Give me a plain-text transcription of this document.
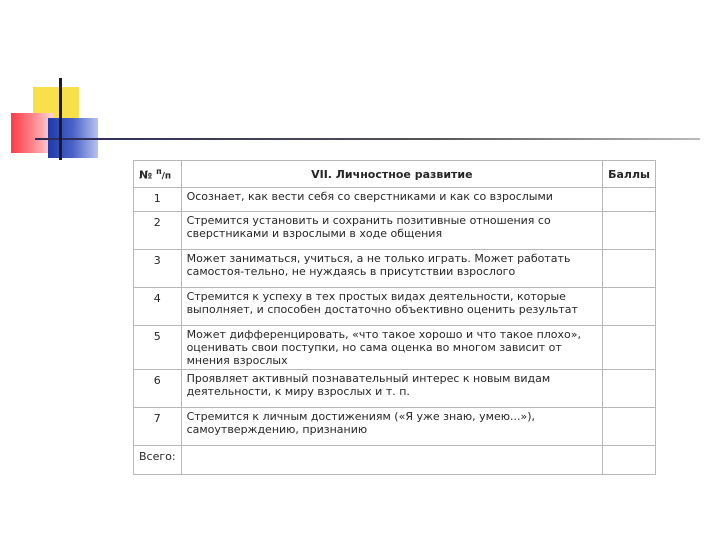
№ $^п$/п	VII. Личностное развитие	Баллы
1	Осознает, как вести себя со сверстниками и как со взрослыми	
2	Стремится установить и сохранить позитивные отношения со сверстниками и взрослыми в ходе общения	
3	Может заниматься, учиться, а не только играть. Может работать самостоя-тельно, не нуждаясь в присутствии взрослого	
4	Стремится к успеху в тех простых видах деятельности, которые выполняет, и способен достаточно объективно оценить результат	
5	Может дифференцировать, «что такое хорошо и что такое плохо», оценивать свои поступки, но сама оценка во многом зависит от мнения взрослых	
6	Проявляет активный познавательный интерес к новым видам деятельности, к миру взрослых и т. п.	
7	Стремится к личным достижениям («Я уже знаю, умею...»), самоутверждению, признанию	
Всего:		
